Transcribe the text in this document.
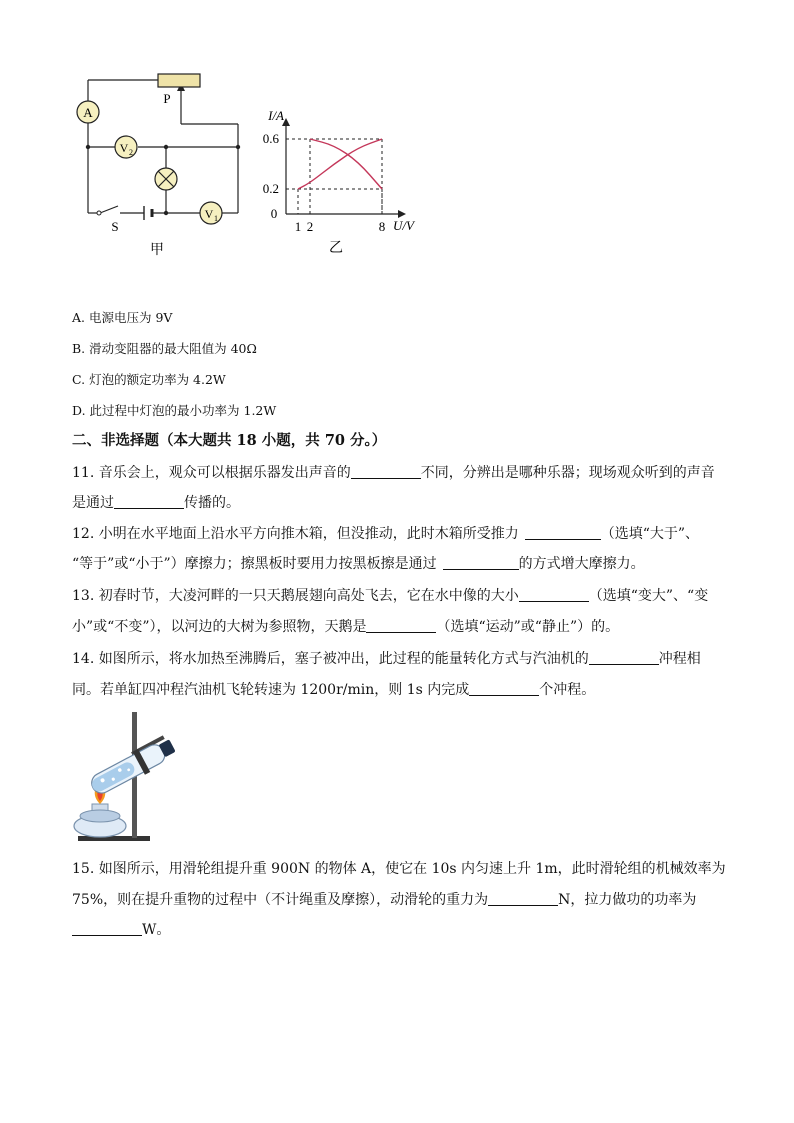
A
V 2
V 1
P
S
甲
1 2	8
0.2
0.6
I/A
U/V
0
乙
A. 电源电压为 9V
B. 滑动变阻器的最大阻值为 40Ω
C. 灯泡的额定功率为 4.2W
D. 此过程中灯泡的最小功率为 1.2W
二、非选择题（本大题共 18 小题，共 70 分。）
11. 音乐会上，观众可以根据乐器发出声音的	不同，分辨出是哪种乐器；现场观众听到的声音
是通过	传播的。
12. 小明在水平地面上沿水平方向推木箱，但没推动，此时木箱所受推力	（选填“大于”、
“等于”或“小于”）摩擦力；擦黑板时要用力按黑板擦是通过	的方式增大摩擦力。
13. 初春时节，大凌河畔的一只天鹅展翅向高处飞去，它在水中像的大小	（选填“变大”、“变
小”或“不变”），以河边的大树为参照物，天鹅是	（选填“运动”或“静止”）的。
14. 如图所示，将水加热至沸腾后，塞子被冲出，此过程的能量转化方式与汽油机的	冲程相
同。若单缸四冲程汽油机飞轮转速为 1200r/min，则 1s 内完成	个冲程。
15. 如图所示，用滑轮组提升重 900N 的物体 A，使它在 10s 内匀速上升 1m，此时滑轮组的机械效率为
75%，则在提升重物的过程中（不计绳重及摩擦），动滑轮的重力为	N，拉力做功的功率为
W。
